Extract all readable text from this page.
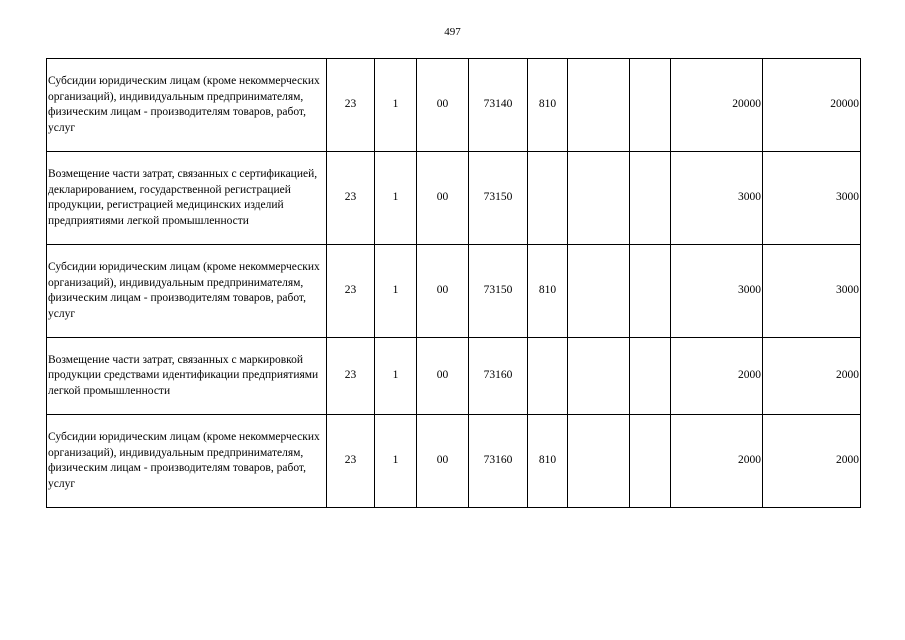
497
Субсидии юридическим лицам (кроме некоммерческих организаций), индивидуальным предпринимателям, физическим лицам - производителям товаров, работ, услуг	23	1	00	73140	810			20000	20000
Возмещение части затрат, связанных с сертификацией, декларированием, государственной регистрацией продукции, регистрацией медицинских изделий предприятиями легкой промышленности	23	1	00	73150				3000	3000
Субсидии юридическим лицам (кроме некоммерческих организаций), индивидуальным предпринимателям, физическим лицам - производителям товаров, работ, услуг	23	1	00	73150	810			3000	3000
Возмещение части затрат, связанных с маркировкой продукции средствами идентификации предприятиями легкой промышленности	23	1	00	73160				2000	2000
Субсидии юридическим лицам (кроме некоммерческих организаций), индивидуальным предпринимателям, физическим лицам - производителям товаров, работ, услуг	23	1	00	73160	810			2000	2000
